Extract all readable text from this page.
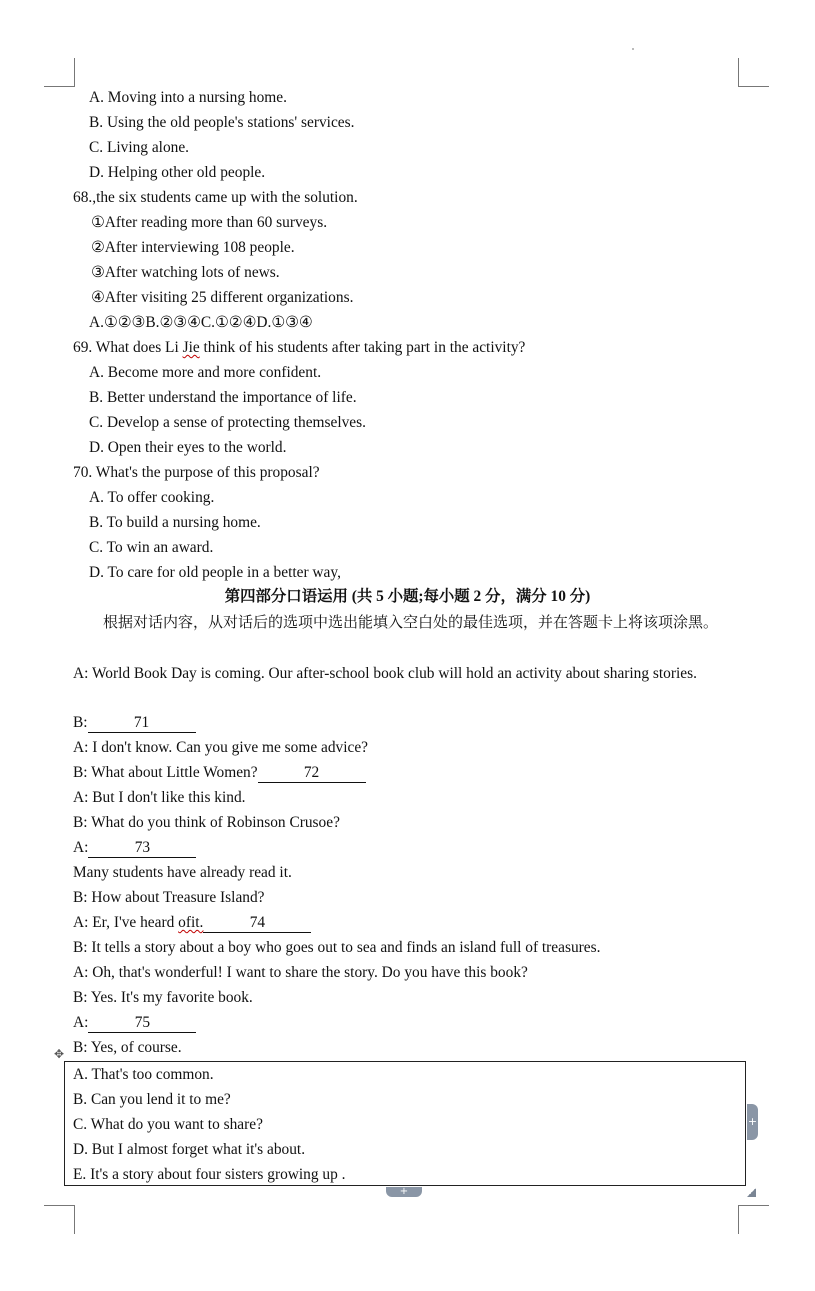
A. Moving into a nursing home.
B. Using the old people's stations' services.
C. Living alone.
D. Helping other old people.
68.,the six students came up with the solution.
①After reading more than 60 surveys.
②After interviewing 108 people.
③After watching lots of news.
④After visiting 25 different organizations.
A.①②③B.②③④C.①②④D.①③④
69. What does Li Jie think of his students after taking part in the activity?
A. Become more and more confident.
B. Better understand the importance of life.
C. Develop a sense of protecting themselves.
D. Open their eyes to the world.
70. What's the purpose of this proposal?
A. To offer cooking.
B. To build a nursing home.
C. To win an award.
D. To care for old people in a better way,
第四部分口语运用 (共 5 小题;每小题 2 分，满分 10 分)
根据对话内容，从对话后的选项中选出能填入空白处的最佳选项，并在答题卡上将该项涂黑。
A: World Book Day is coming. Our after-school book club will hold an activity about sharing stories.
B:	71
A: I don't know. Can you give me some advice?
B: What about Little Women?	72
A: But I don't like this kind.
B: What do you think of Robinson Crusoe?
A:	73
Many students have already read it.
B: How about Treasure Island?
A: Er, I've heard ofit.	74
B: It tells a story about a boy who goes out to sea and finds an island full of treasures.
A: Oh, that's wonderful! I want to share the story. Do you have this book?
B: Yes. It's my favorite book.
A:	75
B: Yes, of course.
✥
A. That's too common.
B. Can you lend it to me?
C. What do you want to share?
D. But I almost forget what it's about.
E. It's a story about four sisters growing up .
+
+
